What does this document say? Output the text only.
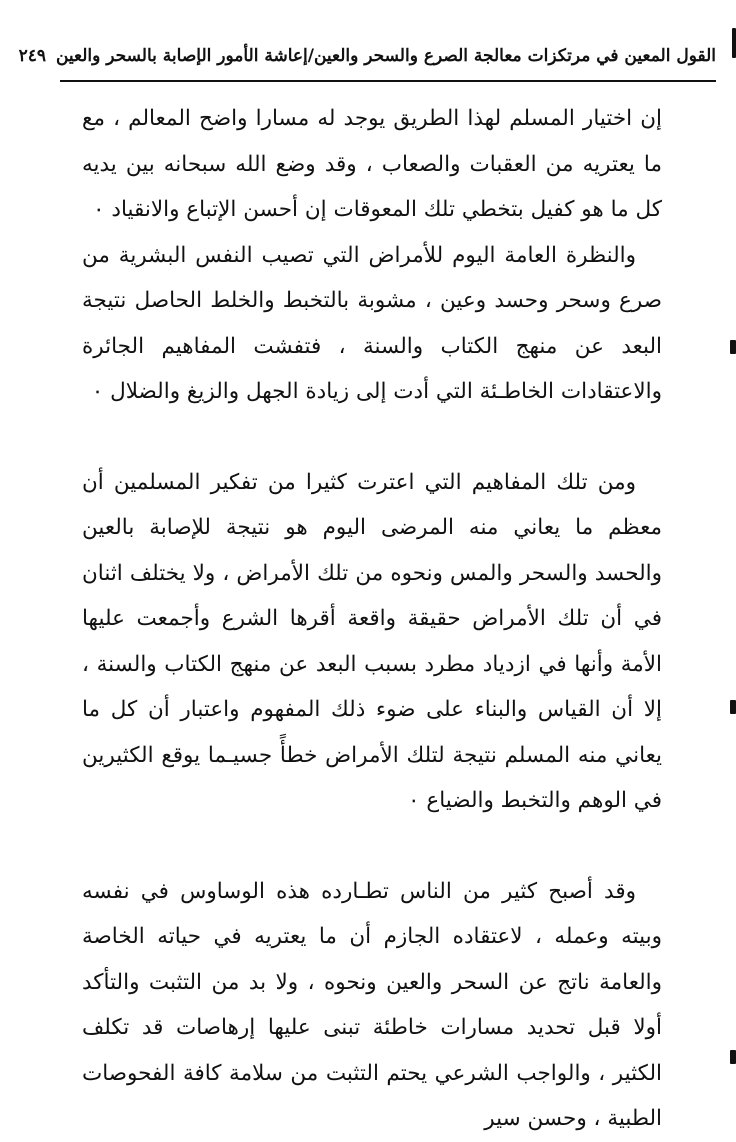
القول المعين في مرتكزات معالجة الصرع والسحر والعين/إعاشة الأمور الإصابة بالسحر والعين
٢٤٩

إن اختيار المسلم لهذا الطريق يوجد له مسارا واضح المعالم ، مع ما يعتريه من العقبات والصعاب ، وقد وضع الله سبحانه بين يديه كل ما هو كفيل بتخطي تلك المعوقات إن أحسن الإتباع والانقياد ٠

والنظرة العامة اليوم للأمراض التي تصيب النفس البشرية من صرع وسحر وحسد وعين ، مشوبة بالتخبط والخلط الحاصل نتيجة البعد عن منهج الكتاب والسنة ، فتفشت المفاهيم الجائرة والاعتقادات الخاطـئة التي أدت إلى زيادة الجهل والزيغ والضلال ٠

ومن تلك المفاهيم التي اعترت كثيرا من تفكير المسلمين أن معظم ما يعاني منه المرضى اليوم هو نتيجة للإصابة بالعين والحسد والسحر والمس ونحوه من تلك الأمراض ، ولا يختلف اثنان في أن تلك الأمراض حقيقة واقعة أقرها الشرع وأجمعت عليها الأمة وأنها في ازدياد مطرد بسبب البعد عن منهج الكتاب والسنة ، إلا أن القياس والبناء على ضوء ذلك المفهوم واعتبار أن كل ما يعاني منه المسلم نتيجة لتلك الأمراض خطأً جسيـما يوقع الكثيرين في الوهم والتخبط والضياع ٠

وقد أصبح كثير من الناس تطـارده هذه الوساوس في نفسه وبيته وعمله ، لاعتقاده الجازم أن ما يعتريه في حياته الخاصة والعامة ناتج عن السحر والعين ونحوه ، ولا بد من التثبت والتأكد أولا قبل تحديد مسارات خاطئة تبنى عليها إرهاصات قد تكلف الكثير ، والواجب الشرعي يحتم التثبت من سلامة كافة الفحوصات الطبية ، وحسن سير
